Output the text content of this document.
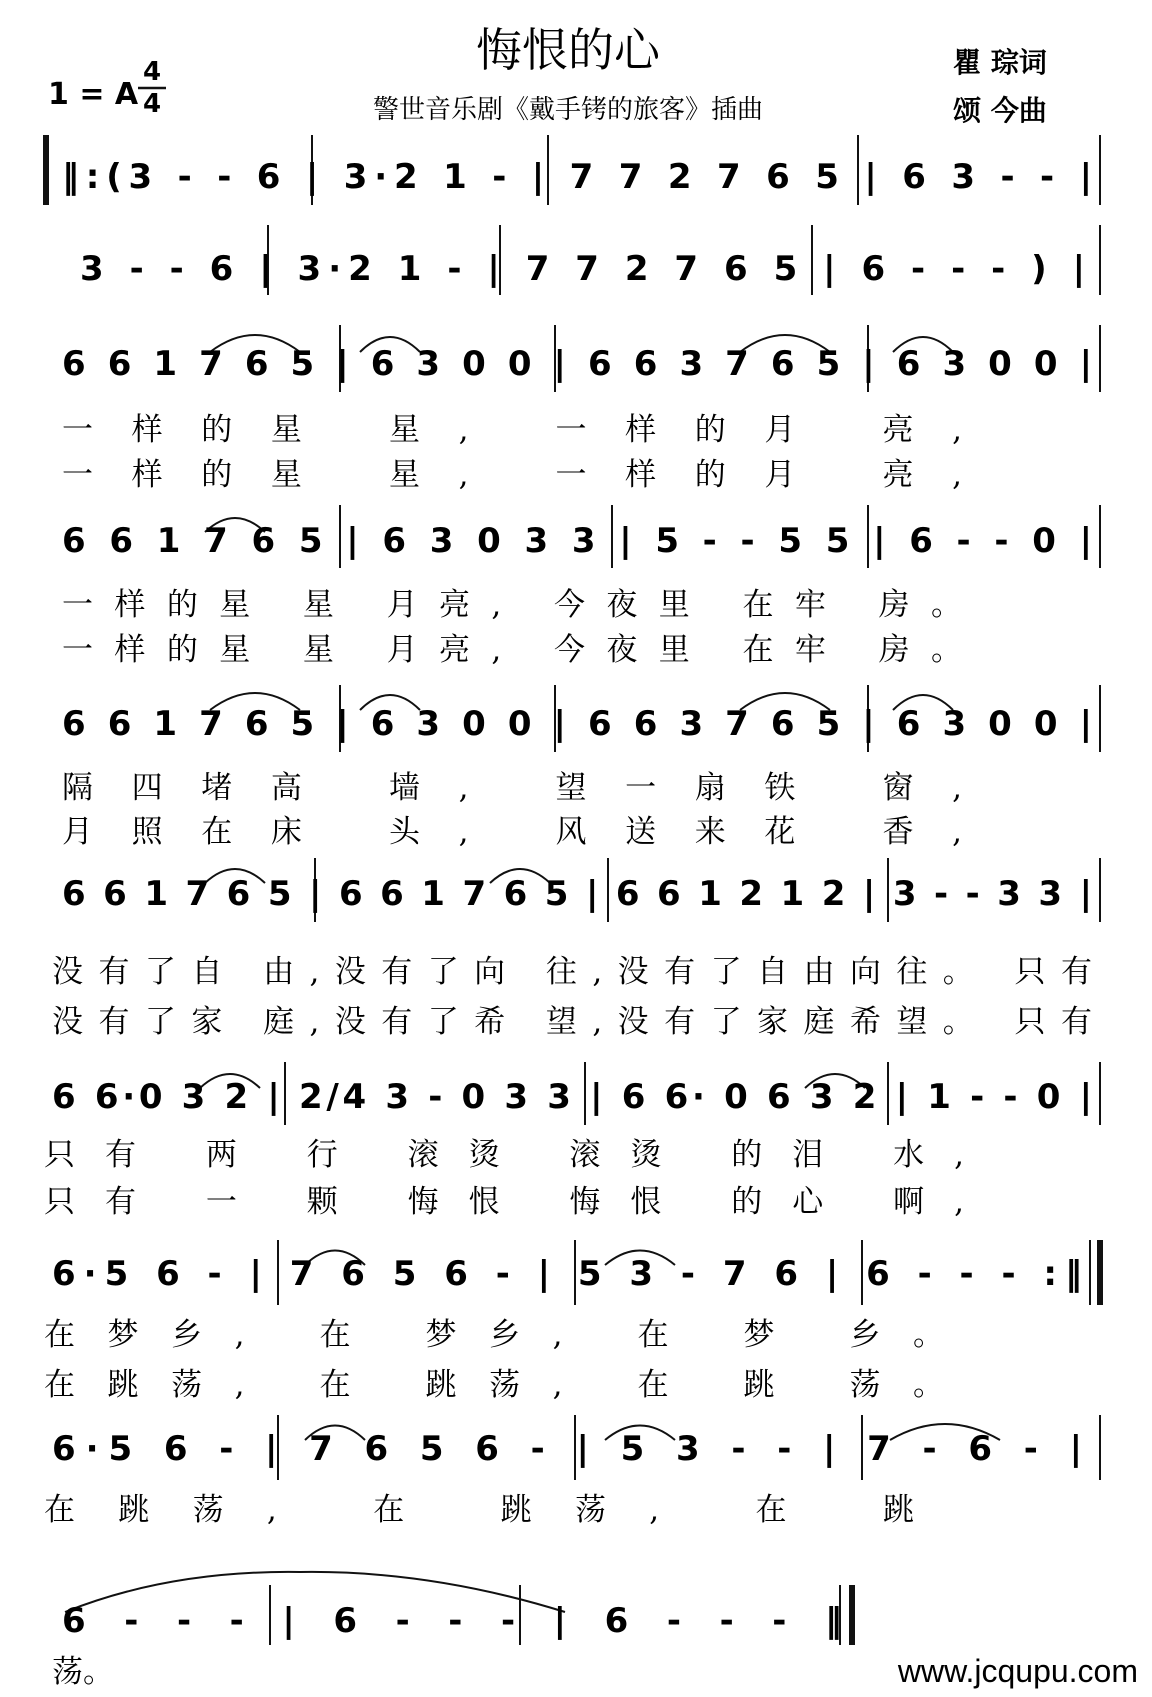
悔恨的心
警世音乐剧《戴手铐的旅客》插曲
1 = A
4
4
瞿 琮词
颂 今曲
‖:(3 - - 6 | 3·2 1 - | 7 7 2 7 6 5 | 6 3 - - |
3 - - 6 | 3·2 1 - | 7 7 2 7 6 5 | 6 - - - ) |
6 6 1 7 6 5 | 6 3 0 0 | 6 6 3 7 6 5 | 6 3 0 0 |
一样的星 星, 一样的月 亮,
一样的星 星, 一样的月 亮,
6 6 1 7 6 5 | 6 3 0 3 3 | 5 - - 5 5 | 6 - - 0 |
一样的星 星 月亮, 今夜里 在牢 房。
一样的星 星 月亮, 今夜里 在牢 房。
6 6 1 7 6 5 | 6 3 0 0 | 6 6 3 7 6 5 | 6 3 0 0 |
隔四堵高 墙, 望一扇铁 窗,
月照在床 头, 风送来花 香,
6 6 1 7 6 5 | 6 6 1 7 6 5 | 6 6 1 2 1 2 | 3 - - 3 3 |
没有了自 由,没有了向 往,没有了自由向往。 只有
没有了家 庭,没有了希 望,没有了家庭希望。 只有
6 6·0 3 2 | 2/4 3 - 0 3 3 | 6 6· 0 6 3 2 | 1 - - 0 |
只有 两 行 滚烫 滚烫 的泪 水,
只有 一 颗 悔恨 悔恨 的心 啊,
6·5 6 - | 7 6 5 6 - | 5 3 - 7 6 | 6 - - - :‖
在梦乡, 在 梦乡, 在 梦 乡。
在跳荡, 在 跳荡, 在 跳 荡。
6·5 6 - | 7 6 5 6 - | 5 3 - - | 7 - 6 - |
在跳荡, 在 跳荡, 在 跳
6 - - - | 6 - - - | 6 - - - ‖
荡。	www.jcqupu.com
